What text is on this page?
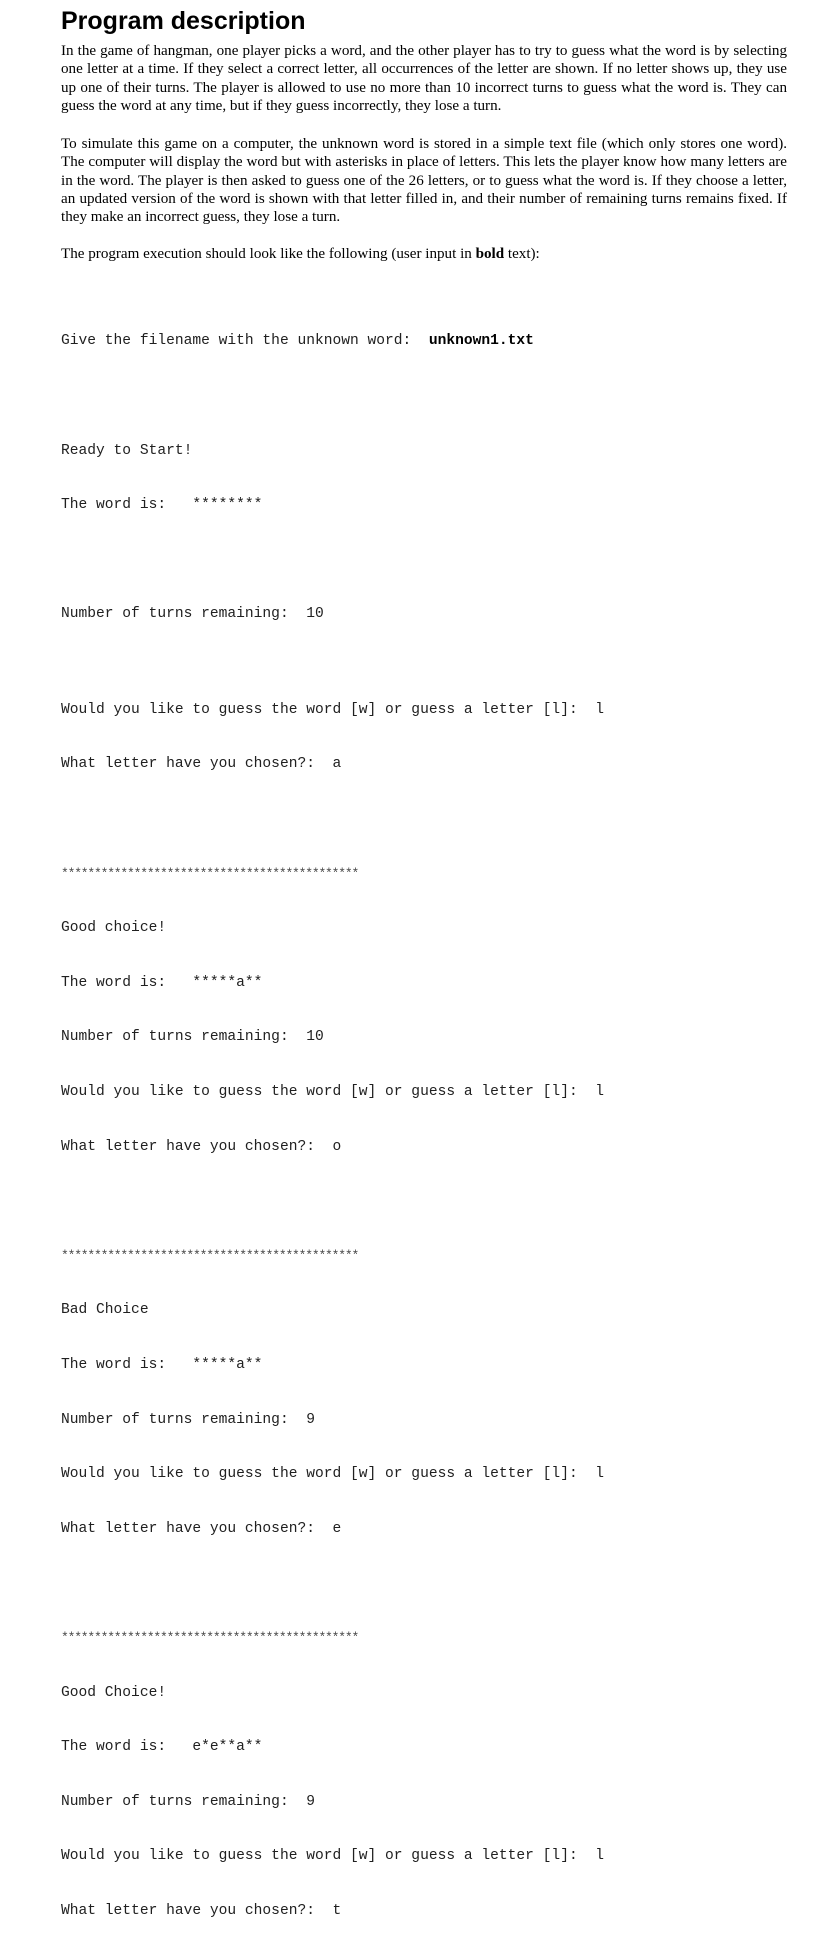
Program description

In the game of hangman, one player picks a word, and the other player has to try to guess what the word is by selecting one letter at a time. If they select a correct letter, all occurrences of the letter are shown. If no letter shows up, they use up one of their turns. The player is allowed to use no more than 10 incorrect turns to guess what the word is. They can guess the word at any time, but if they guess incorrectly, they lose a turn.

To simulate this game on a computer, the unknown word is stored in a simple text file (which only stores one word). The computer will display the word but with asterisks in place of letters. This lets the player know how many letters are in the word. The player is then asked to guess one of the 26 letters, or to guess what the word is. If they choose a letter, an updated version of the word is shown with that letter filled in, and their number of remaining turns remains fixed. If they make an incorrect guess, they lose a turn.

The program execution should look like the following (user input in bold text):

Give the filename with the unknown word:  unknown1.txt

Ready to Start!

The word is:   ********

Number of turns remaining:  10

Would you like to guess the word [w] or guess a letter [l]:  l

What letter have you chosen?:  a

*********************************************

Good choice!

The word is:   *****a**

Number of turns remaining:  10

Would you like to guess the word [w] or guess a letter [l]:  l

What letter have you chosen?:  o

*********************************************

Bad Choice

The word is:   *****a**

Number of turns remaining:  9

Would you like to guess the word [w] or guess a letter [l]:  l

What letter have you chosen?:  e

*********************************************

Good Choice!

The word is:   e*e**a**

Number of turns remaining:  9

Would you like to guess the word [w] or guess a letter [l]:  l

What letter have you chosen?:  t
